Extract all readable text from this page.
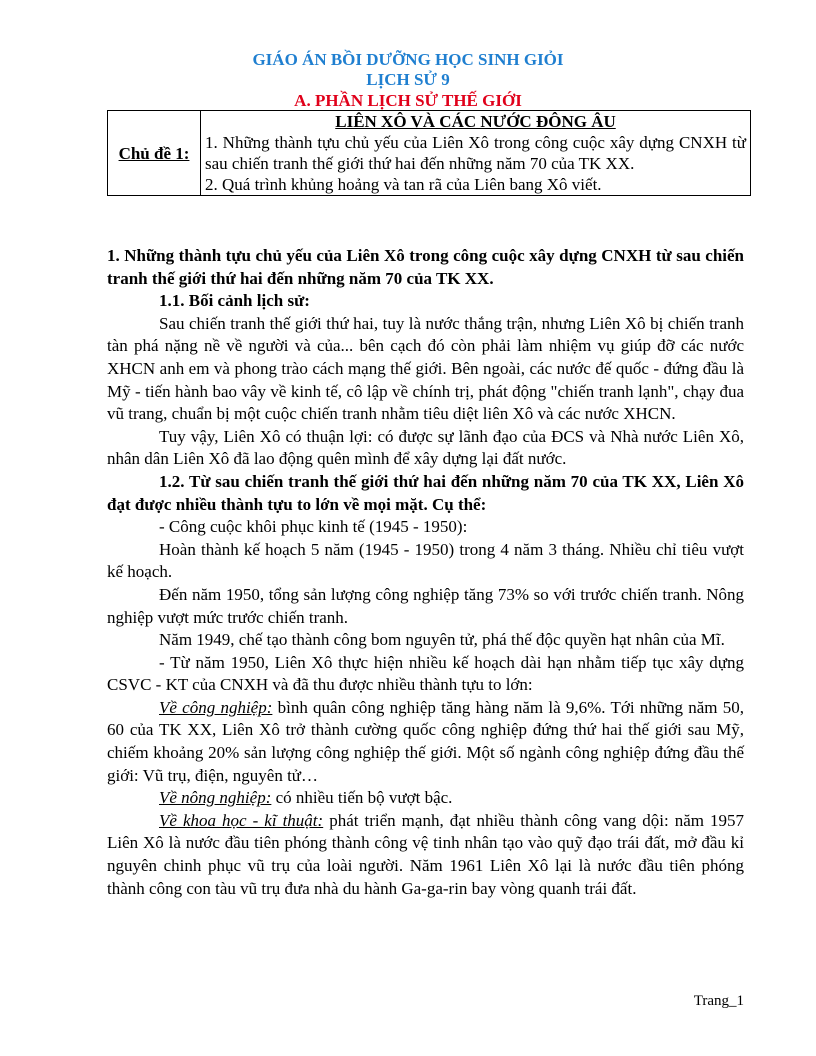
GIÁO ÁN BỒI DƯỠNG HỌC SINH GIỎI
LỊCH SỬ 9
A. PHẦN LỊCH SỬ THẾ GIỚI
Chủ đề 1:	
LIÊN XÔ VÀ CÁC NƯỚC ĐÔNG ÂU
1. Những thành tựu chủ yếu của Liên Xô trong công cuộc xây dựng CNXH từ sau chiến tranh thế giới thứ hai đến những năm 70 của TK XX.
2. Quá trình khủng hoảng và tan rã của Liên bang Xô viết.

1. Những thành tựu chủ yếu của Liên Xô trong công cuộc xây dựng CNXH từ sau chiến tranh thế giới thứ hai đến những năm 70 của TK XX.

1.1. Bối cảnh lịch sử:

Sau chiến tranh thế giới thứ hai, tuy là nước thắng trận, nhưng Liên Xô bị chiến tranh tàn phá nặng nề về người và của... bên cạch đó còn phải làm nhiệm vụ giúp đỡ các nước XHCN anh em và phong trào cách mạng thế giới. Bên ngoài, các nước đế quốc - đứng đầu là Mỹ - tiến hành bao vây về kinh tế, cô lập về chính trị, phát động "chiến tranh lạnh", chạy đua vũ trang, chuẩn bị một cuộc chiến tranh nhằm tiêu diệt liên Xô và các nước XHCN.

Tuy vậy, Liên Xô có thuận lợi: có được sự lãnh đạo của ĐCS và Nhà nước Liên Xô, nhân dân Liên Xô đã lao động quên mình để xây dựng lại đất nước.

1.2. Từ sau chiến tranh thế giới thứ hai đến những năm 70 của TK XX, Liên Xô đạt được nhiều thành tựu to lớn về mọi mặt. Cụ thể:

- Công cuộc khôi phục kinh tế (1945 - 1950):

Hoàn thành kế hoạch 5 năm (1945 - 1950) trong 4 năm 3 tháng. Nhiều chỉ tiêu vượt kế hoạch.

Đến năm 1950, tổng sản lượng công nghiệp tăng 73% so với trước chiến tranh. Nông nghiệp vượt mức trước chiến tranh.

Năm 1949, chế tạo thành công bom nguyên tử, phá thế độc quyền hạt nhân của Mĩ.

- Từ năm 1950, Liên Xô thực hiện nhiều kế hoạch dài hạn nhằm tiếp tục xây dựng CSVC - KT của CNXH và đã thu được nhiều thành tựu to lớn:

Về công nghiệp: bình quân công nghiệp tăng hàng năm là 9,6%. Tới những năm 50, 60 của TK XX, Liên Xô trở thành cường quốc công nghiệp đứng thứ hai thế giới sau Mỹ, chiếm khoảng 20% sản lượng công nghiệp thế giới. Một số ngành công nghiệp đứng đầu thế giới: Vũ trụ, điện, nguyên tử…

Về nông nghiệp: có nhiều tiến bộ vượt bậc.

Về khoa học - kĩ thuật: phát triển mạnh, đạt nhiều thành công vang dội: năm 1957 Liên Xô là nước đầu tiên phóng thành công vệ tinh nhân tạo vào quỹ đạo trái đất, mở đầu kỉ nguyên chinh phục vũ trụ của loài người. Năm 1961 Liên Xô lại là nước đầu tiên phóng thành công con tàu vũ trụ đưa nhà du hành Ga-ga-rin bay vòng quanh trái đất.

Trang_1
